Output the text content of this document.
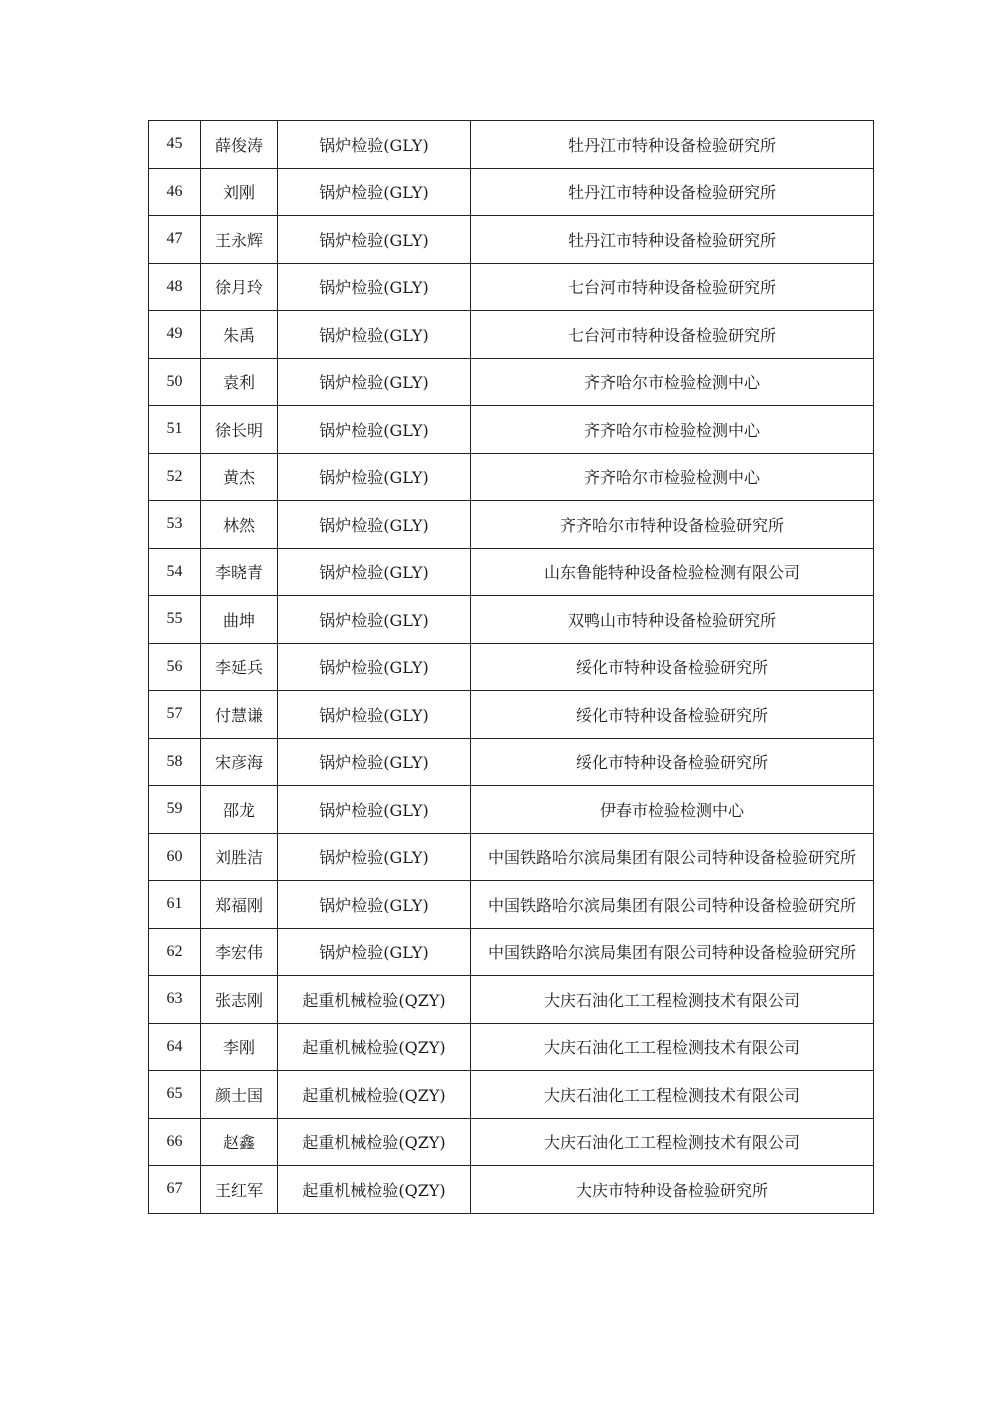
45	薛俊涛	锅炉检验(GLY)	牡丹江市特种设备检验研究所
46	刘刚	锅炉检验(GLY)	牡丹江市特种设备检验研究所
47	王永辉	锅炉检验(GLY)	牡丹江市特种设备检验研究所
48	徐月玲	锅炉检验(GLY)	七台河市特种设备检验研究所
49	朱禹	锅炉检验(GLY)	七台河市特种设备检验研究所
50	袁利	锅炉检验(GLY)	齐齐哈尔市检验检测中心
51	徐长明	锅炉检验(GLY)	齐齐哈尔市检验检测中心
52	黄杰	锅炉检验(GLY)	齐齐哈尔市检验检测中心
53	林然	锅炉检验(GLY)	齐齐哈尔市特种设备检验研究所
54	李晓青	锅炉检验(GLY)	山东鲁能特种设备检验检测有限公司
55	曲坤	锅炉检验(GLY)	双鸭山市特种设备检验研究所
56	李延兵	锅炉检验(GLY)	绥化市特种设备检验研究所
57	付慧谦	锅炉检验(GLY)	绥化市特种设备检验研究所
58	宋彦海	锅炉检验(GLY)	绥化市特种设备检验研究所
59	邵龙	锅炉检验(GLY)	伊春市检验检测中心
60	刘胜洁	锅炉检验(GLY)	中国铁路哈尔滨局集团有限公司特种设备检验研究所
61	郑福刚	锅炉检验(GLY)	中国铁路哈尔滨局集团有限公司特种设备检验研究所
62	李宏伟	锅炉检验(GLY)	中国铁路哈尔滨局集团有限公司特种设备检验研究所
63	张志刚	起重机械检验(QZY)	大庆石油化工工程检测技术有限公司
64	李刚	起重机械检验(QZY)	大庆石油化工工程检测技术有限公司
65	颜士国	起重机械检验(QZY)	大庆石油化工工程检测技术有限公司
66	赵鑫	起重机械检验(QZY)	大庆石油化工工程检测技术有限公司
67	王红军	起重机械检验(QZY)	大庆市特种设备检验研究所
